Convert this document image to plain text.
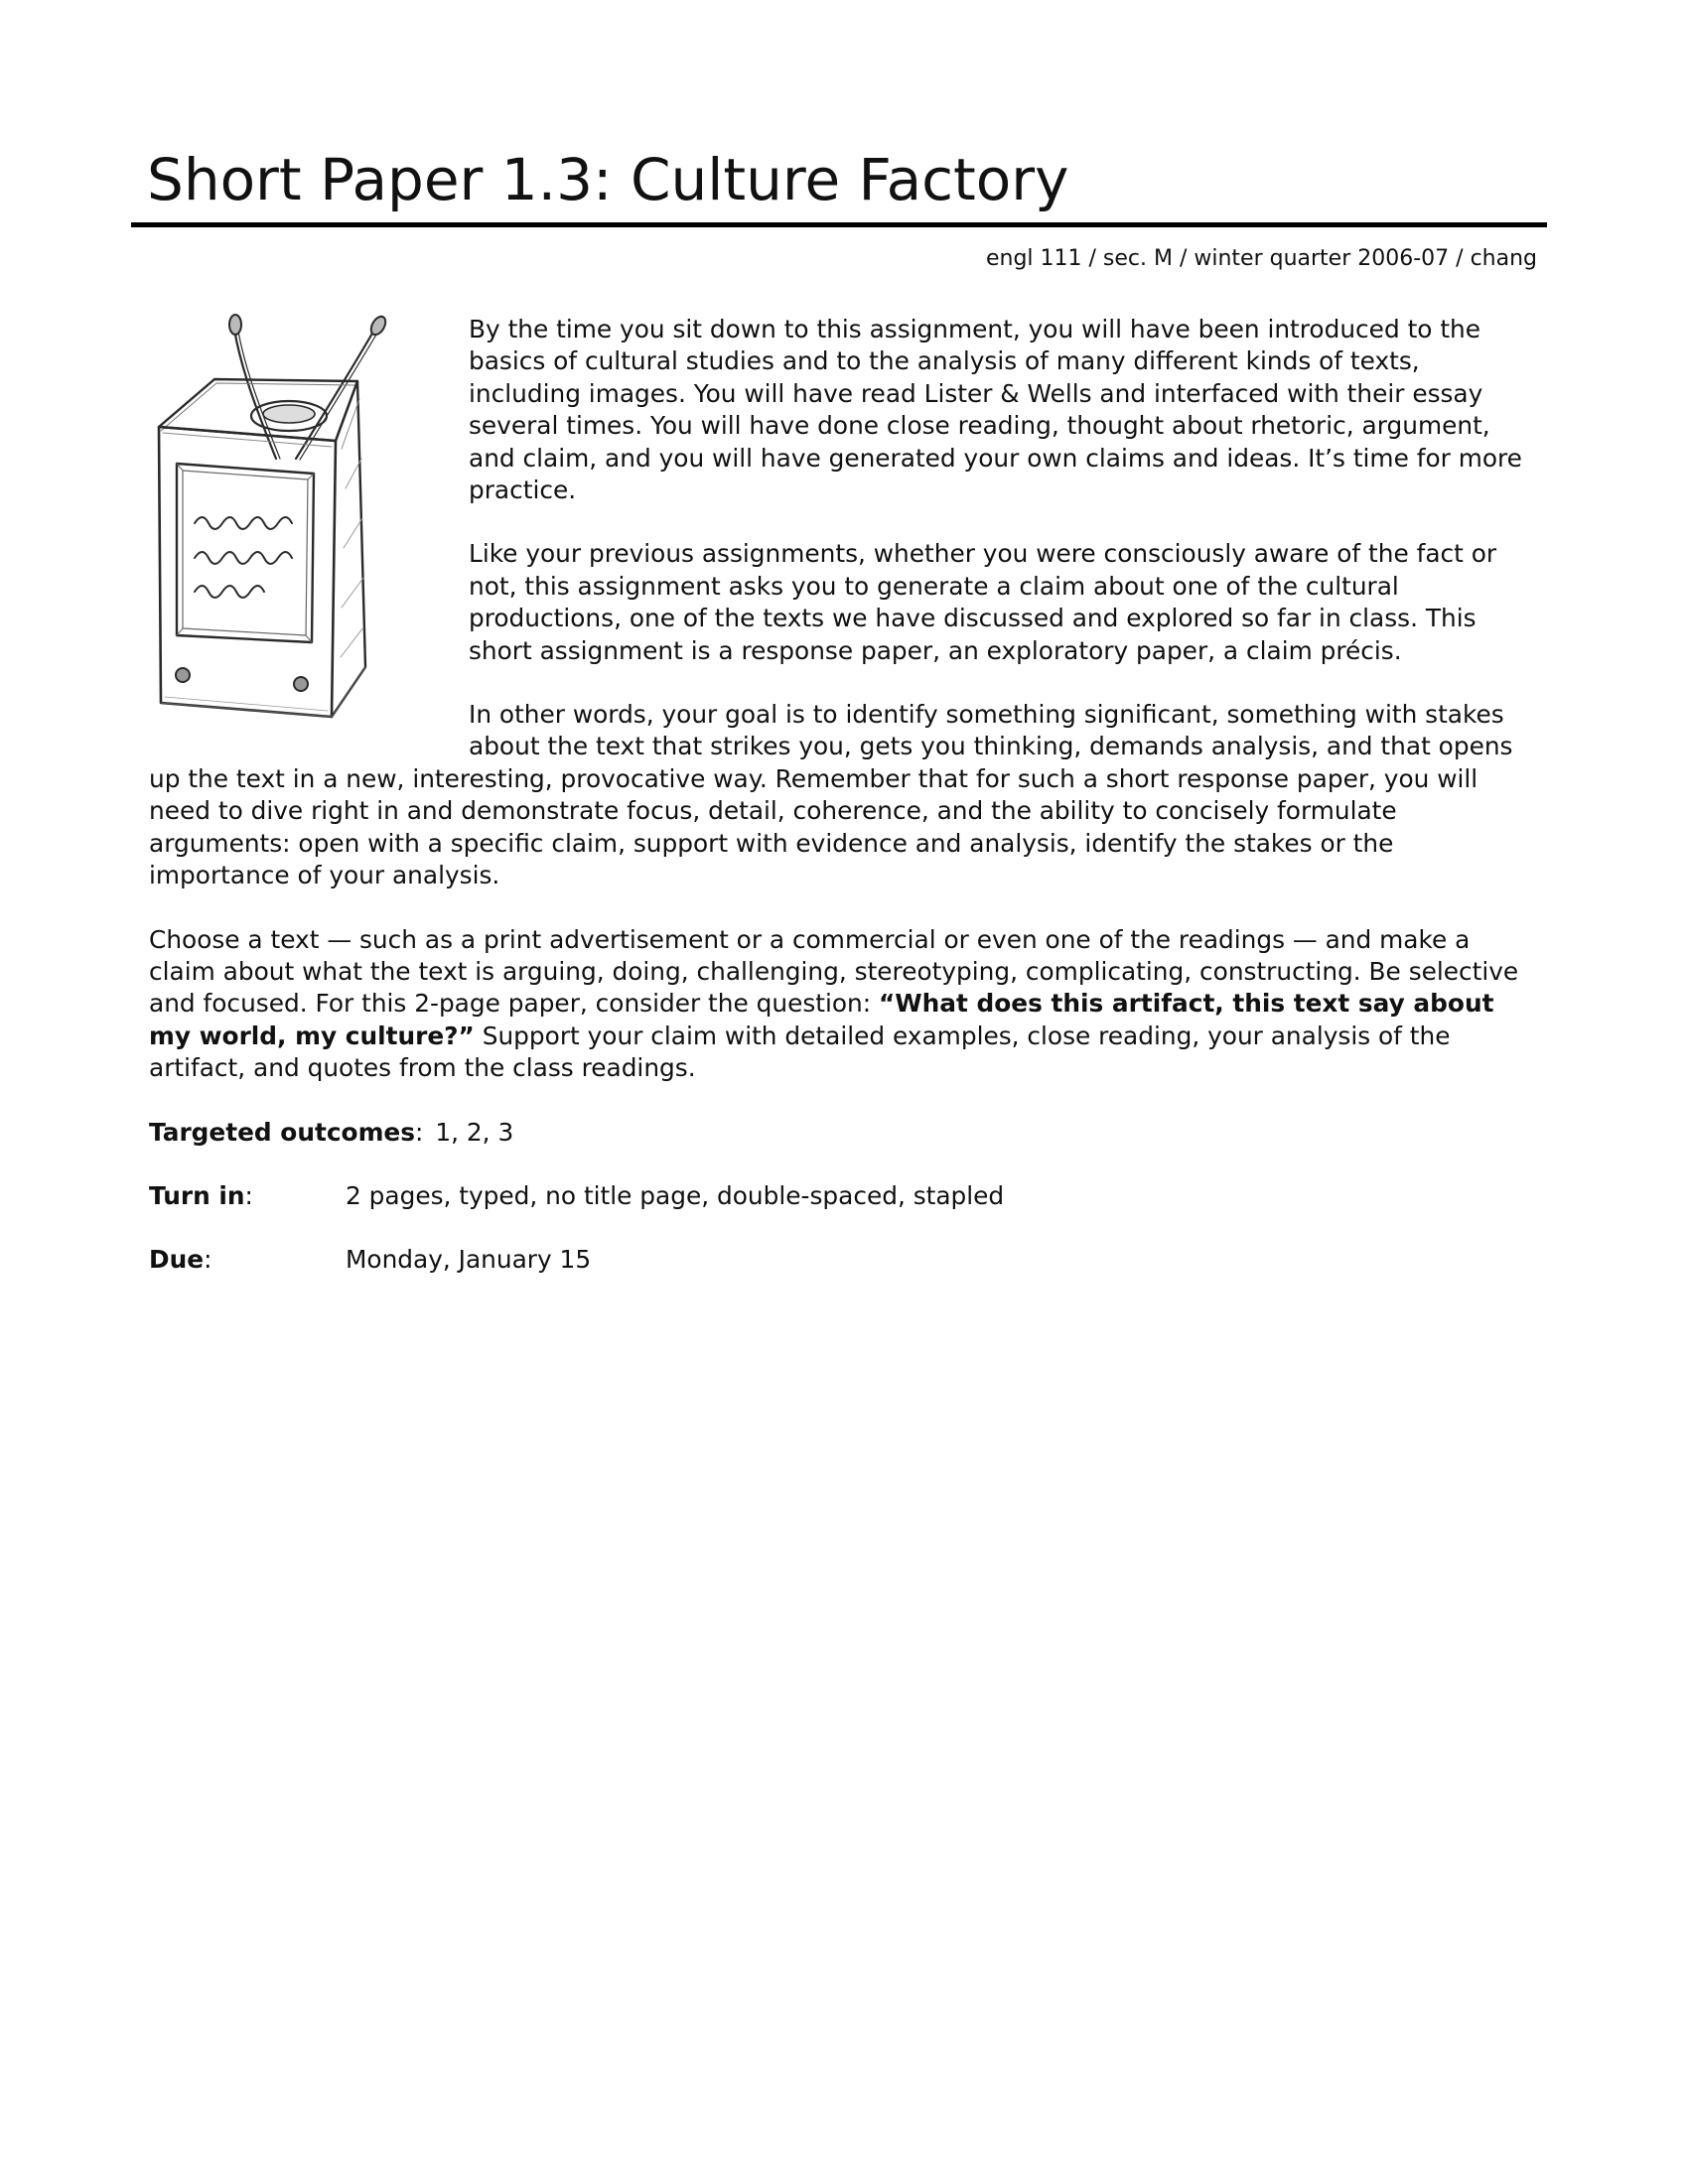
Short Paper 1.3: Culture Factory
engl 111 / sec. M / winter quarter 2006-07 / chang

By the time you sit down to this assignment, you will have been introduced to the basics of cultural studies and to the analysis of many different kinds of texts, including images. You will have read Lister & Wells and interfaced with their essay several times. You will have done close reading, thought about rhetoric, argument, and claim, and you will have generated your own claims and ideas. It’s time for more practice.

Like your previous assignments, whether you were consciously aware of the fact or not, this assignment asks you to generate a claim about one of the cultural productions, one of the texts we have discussed and explored so far in class. This short assignment is a response paper, an exploratory paper, a claim précis.

In other words, your goal is to identify something significant, something with stakes about the text that strikes you, gets you thinking, demands analysis, and that opens up the text in a new, interesting, provocative way. Remember that for such a short response paper, you will need to dive right in and demonstrate focus, detail, coherence, and the ability to concisely formulate arguments: open with a specific claim, support with evidence and analysis, identify the stakes or the importance of your analysis.

Choose a text — such as a print advertisement or a commercial or even one of the readings — and make a claim about what the text is arguing, doing, challenging, stereotyping, complicating, constructing. Be selective and focused. For this 2-page paper, consider the question: “What does this artifact, this text say about my world, my culture?” Support your claim with detailed examples, close reading, your analysis of the artifact, and quotes from the class readings.

Targeted outcomes: 1, 2, 3
Turn in:	2 pages, typed, no title page, double-spaced, stapled
Due:	Monday, January 15
